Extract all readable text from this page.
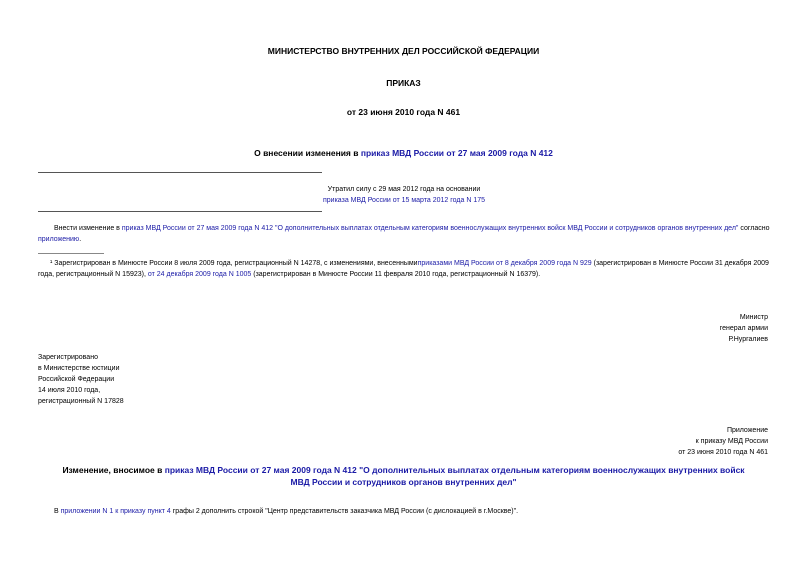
МИНИСТЕРСТВО ВНУТРЕННИХ ДЕЛ РОССИЙСКОЙ ФЕДЕРАЦИИ
ПРИКАЗ
от 23 июня 2010 года N 461
О внесении изменения в приказ МВД России от 27 мая 2009 года N 412
Утратил силу с 29 мая 2012 года на основании
приказа МВД России от 15 марта 2012 года N 175
Внести изменение в приказ МВД России от 27 мая 2009 года N 412 "О дополнительных выплатах отдельным категориям военнослужащих внутренних войск МВД России и сотрудников органов внутренних дел" согласно приложению.
¹ Зарегистрирован в Минюсте России 8 июля 2009 года, регистрационный N 14278, с изменениями, внесеннымиприказами МВД России от 8 декабря 2009 года N 929 (зарегистрирован в Минюсте России 31 декабря 2009 года, регистрационный N 15923), от 24 декабря 2009 года N 1005 (зарегистрирован в Минюсте России 11 февраля 2010 года, регистрационный N 16379).
Министр
генерал армии
Р.Нургалиев
Зарегистрировано
в Министерстве юстиции
Российской Федерации
14 июля 2010 года,
регистрационный N 17828
Приложение
к приказу МВД России
от 23 июня 2010 года N 461
Изменение, вносимое в приказ МВД России от 27 мая 2009 года N 412 "О дополнительных выплатах отдельным категориям военнослужащих внутренних войск
МВД России и сотрудников органов внутренних дел"
В приложении N 1 к приказу пункт 4 графы 2 дополнить строкой "Центр представительств заказчика МВД России (с дислокацией в г.Москве)".
